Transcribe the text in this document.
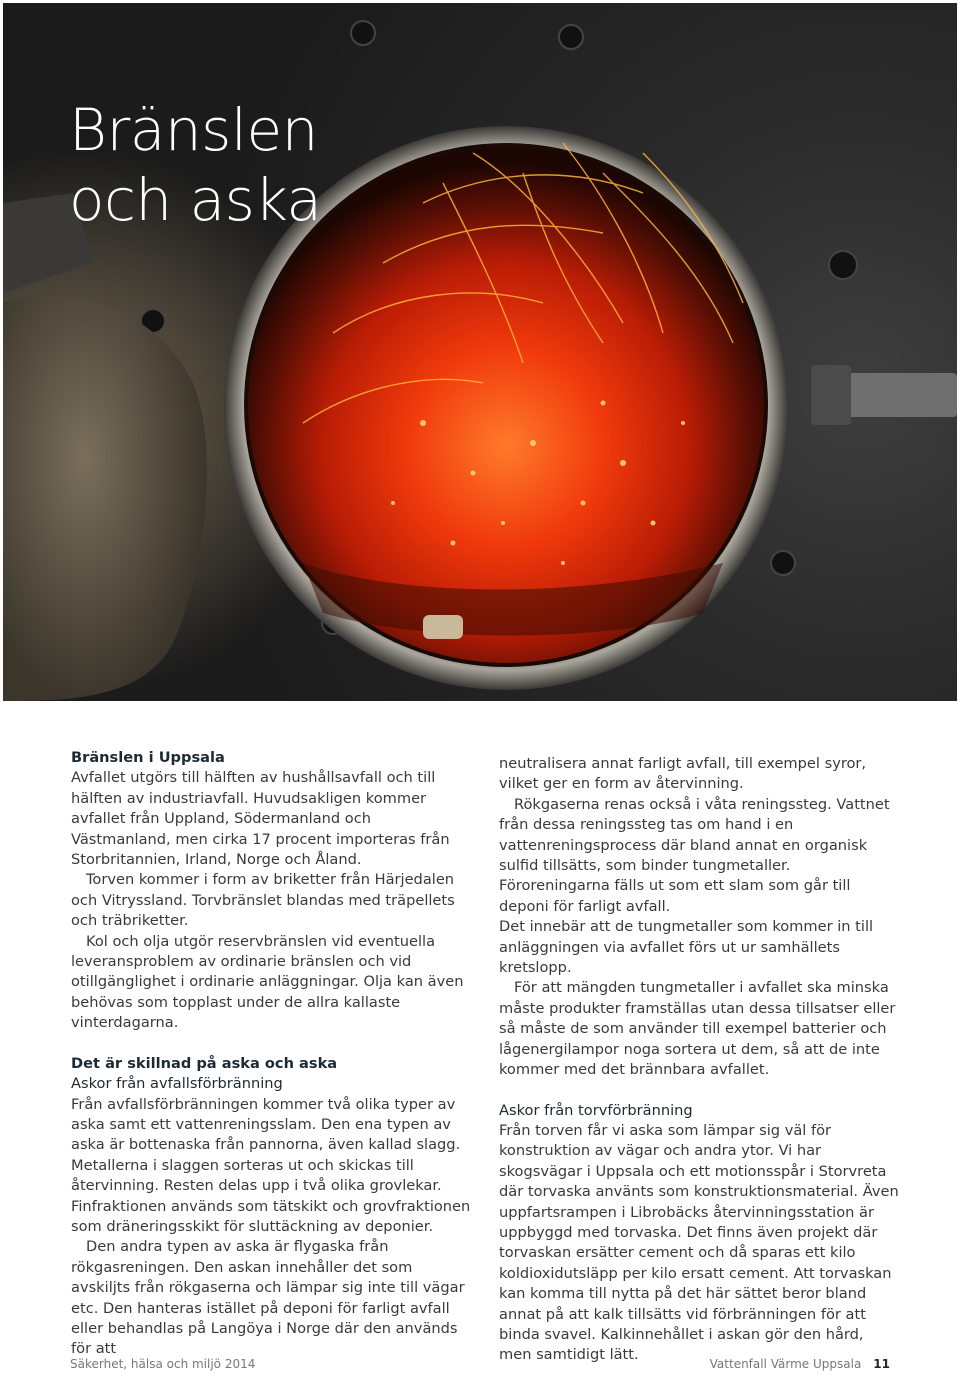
Bränslen
och aska
Bränslen i Uppsala

Avfallet utgörs till hälften av hushållsavfall och till hälften av industriavfall. Huvudsakligen kommer avfallet från Uppland, Södermanland och Västmanland, men cirka 17 procent importeras från Storbritannien, Irland, Norge och Åland.

Torven kommer i form av briketter från Härjedalen och Vitryssland. Torvbränslet blandas med träpellets och träbriketter.

Kol och olja utgör reservbränslen vid eventuella leveransproblem av ordinarie bränslen och vid otillgänglighet i ordinarie anläggningar. Olja kan även behövas som topplast under de allra kallaste vinterdagarna.

Det är skillnad på aska och aska
Askor från avfallsförbränning

Från avfallsförbränningen kommer två olika typer av aska samt ett vattenreningsslam. Den ena typen av aska är bottenaska från pannorna, även kallad slagg. Metallerna i slaggen sorteras ut och skickas till återvinning. Resten delas upp i två olika grovlekar. Finfraktionen används som tätskikt och grovfraktionen som dräneringsskikt för sluttäckning av deponier.

Den andra typen av aska är flygaska från rökgasreningen. Den askan innehåller det som avskiljts från rökgaserna och lämpar sig inte till vägar etc. Den hanteras istället på deponi för farligt avfall eller behandlas på Langöya i Norge där den används för att

neutralisera annat farligt avfall, till exempel syror, vilket ger en form av återvinning.

Rökgaserna renas också i våta reningssteg. Vattnet från dessa reningssteg tas om hand i en vattenreningsprocess där bland annat en organisk sulfid tillsätts, som binder tungmetaller. Föroreningarna fälls ut som ett slam som går till deponi för farligt avfall.

Det innebär att de tungmetaller som kommer in till anläggningen via avfallet förs ut ur samhällets kretslopp.

För att mängden tungmetaller i avfallet ska minska måste produkter framställas utan dessa tillsatser eller så måste de som använder till exempel batterier och lågenergilampor noga sortera ut dem, så att de inte kommer med det brännbara avfallet.

Askor från torvförbränning

Från torven får vi aska som lämpar sig väl för konstruktion av vägar och andra ytor. Vi har skogsvägar i Uppsala och ett motionsspår i Storvreta där torvaska använts som konstruktionsmaterial. Även uppfartsrampen i Librobäcks återvinningsstation är uppbyggd med torvaska. Det finns även projekt där torvaskan ersätter cement och då sparas ett kilo koldioxidutsläpp per kilo ersatt cement. Att torvaskan kan komma till nytta på det här sättet beror bland annat på att kalk tillsätts vid förbränningen för att binda svavel. Kalkinnehållet i askan gör den hård, men samtidigt lätt.

Säkerhet, hälsa och miljö 2014	Vattenfall Värme Uppsala 11
